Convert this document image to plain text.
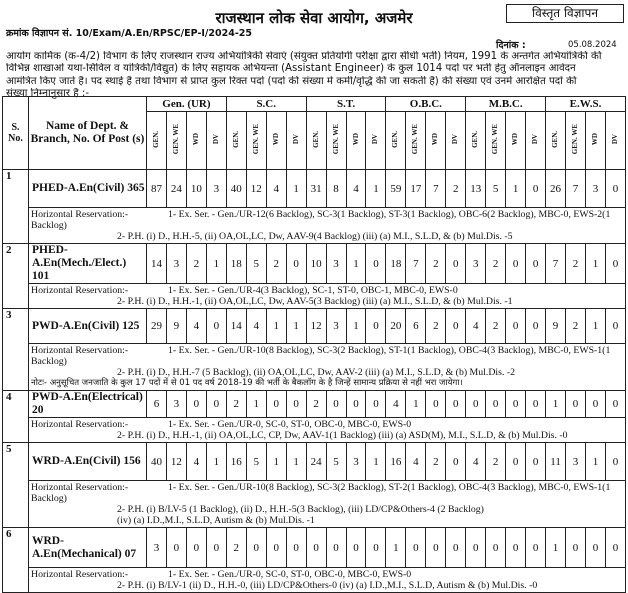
विस्तृत विज्ञापन
राजस्थान लोक सेवा आयोग, अजमेर
क्रमांक विज्ञापन सं. 10/Exam/A.En/RPSC/EP-I/2024-25
दिनांक :	05.08.2024
आयोग कार्मिक (क-4/2) विभाग के लिए राजस्थान राज्य अभियांत्रिकी सेवाएं (संयुक्त प्रतियोगी परीक्षा द्वारा सीधी भर्ती) नियम, 1991 के अन्तर्गत अभियांत्रिकी की
विभिन्न शाखाओं यथा-सिविल व यांत्रिकी/विद्युत) के लिए सहायक अभियन्ता (Assistant Engineer) के कुल 1014 पदों पर भर्ती हेतु ऑनलाइन आवेदन
आमंत्रित किए जाते हैं। पद स्थाई हैं तथा विभाग से प्राप्त कुल रिक्त पदों (पदों की संख्या में कमी/वृद्धि की जा सकती है) की संख्या एवं उनमें आरक्षित पदों की
संख्या निम्नानुसार है :-
S. No.	Name of Dept. & Branch, No. Of Post (s)	Gen. (UR)				S.C.				S.T.				O.B.C.				M.B.C.				E.W.S.			
		GEN.	GEN. WE	WD	DV	GEN.	GEN. WE	WD	DV	GEN.	GEN. WE	WD	DV	GEN.	GEN. WE	WD	DV	GEN.	GEN. WE	WD	DV	GEN.	GEN. WE	WD	DV
1	PHED-A.En(Civil) 365	87	24	10	3	40	12	4	1	31	8	4	1	59	17	7	2	13	5	1	0	26	7	3	0
	Horizontal Reservation:- 1- Ex. Ser. - Gen./UR-12(6 Backlog), SC-3(1 Backlog), ST-3(1 Backlog), OBC-6(2 Backlog), MBC-0, EWS-2(1 Backlog)
2- P.H. (i) D., H.H.-5, (ii) OA,OL,LC, Dw, AAV-9(4 Backlog) (iii) (a) M.I., S.L.D, & (b) Mul.Dis. -5																								

2	PHED-A.En(Mech./Elect.) 101	14	3	2	1	18	5	2	0	10	3	1	0	18	7	2	0	3	2	0	0	7	2	1	0
	Horizontal Reservation:- 1- Ex. Ser. - Gen./UR-4(3 Backlog), SC-1, ST-0, OBC-1, MBC-0, EWS-0
2- P.H. (i) D., H.H.-1, (ii) OA,OL,LC, Dw, AAV-5(3 Backlog) (iii) (a) M.I., S.L.D, & (b) Mul.Dis. -1																								

3	PWD-A.En(Civil) 125	29	9	4	0	14	4	1	1	12	3	1	0	20	6	2	0	4	2	0	0	9	2	1	0
	Horizontal Reservation:- 1- Ex. Ser. - Gen./UR-10(8 Backlog), SC-3(2 Backlog), ST-1(1 Backlog), OBC-4(3 Backlog), MBC-0, EWS-1(1 Backlog)
2- P.H. (i) D., H.H.-7 (5 Backlog), (ii) OA,OL,LC, Dw, AAV-2 (iii) (a) M.I., S.L.D, & (b) Mul.Dis. -2
नोटः- अनुसूचित जनजाति के कुल 17 पदों में से 01 पद वर्ष 2018-19 की भर्ती के बैकलॉग के है जिन्हें सामान्य प्रक्रिया से नहीं भरा जायेगा।																								

4	PWD-A.En(Electrical) 20	6	3	0	0	2	1	0	0	2	0	0	0	4	1	0	0	0	0	0	0	1	0	0	0
	Horizontal Reservation:- 1- Ex. Ser. - Gen./UR-0, SC-0, ST-0, OBC-0, MBC-0, EWS-0
2- P.H. (i) D., H.H.-1, (ii) OA,OL,LC, CP, Dw, AAV-1(1 Backlog) (iii) (a) ASD(M), M.I., S.L.D, & (b) Mul.Dis. -0																								

5	WRD-A.En(Civil) 156	40	12	4	1	16	5	1	1	24	5	3	1	16	4	2	0	4	2	0	0	11	3	1	0
	Horizontal Reservation:- 1- Ex. Ser. - Gen./UR-10(8 Backlog), SC-3(2 Backlog), ST-2(1 Backlog), OBC-4(3 Backlog), MBC-0, EWS-1(1 Backlog)
2- P.H. (i) B/LV-5 (1 Backlog), (ii) D., H.H.-5(3 Backlog), (iii) LD/CP&Others-4 (2 Backlog)
(iv) (a) I.D.,M.I., S.L.D, Autism & (b) Mul.Dis. -1																								

6	WRD-A.En(Mechanical) 07	3	0	0	0	2	0	0	0	0	0	0	0	1	0	0	0	0	0	0	0	1	0	0	0
	Horizontal Reservation:- 1- Ex. Ser. - Gen./UR-0, SC-0, ST-0, OBC-0, MBC-0, EWS-0
2- P.H. (i) B/LV-1 (ii) D., H.H.-0, (iii) LD/CP&Others-0 (iv) (a) I.D.,M.I., S.L.D, Autism & (b) Mul.Dis. -0																								
